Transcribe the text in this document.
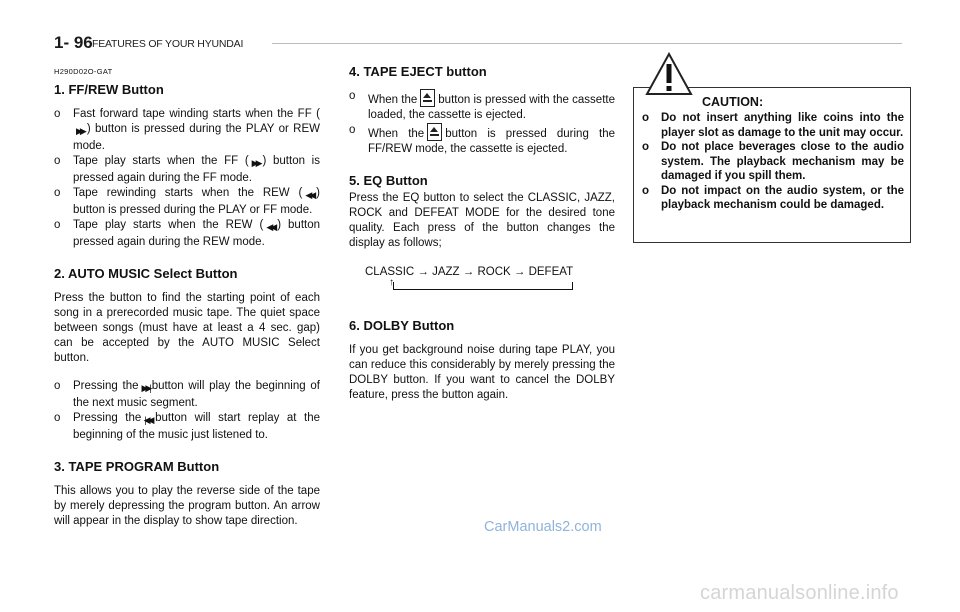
1- 96 FEATURES OF YOUR HYUNDAI
H290D02O-GAT
1. FF/REW Button

o Fast forward tape winding starts when the FF (▶▶ ) button is pressed during the PLAY or REW mode.

o Tape play starts when the FF ( ▶▶ ) button is pressed again during the FF mode.

o Tape rewinding starts when the REW ( ◀◀ ) button is pressed during the PLAY or FF mode.

o Tape play starts when the REW ( ◀◀ ) button pressed again during the REW mode.

2. AUTO MUSIC Select Button

Press the button to find the starting point of each song in a prerecorded music tape. The quiet space between songs (must have at least a 4 sec. gap) can be accepted by the AUTO MUSIC Select button.

o Pressing the ▶▶| button will play the beginning of the next music segment.

o Pressing the |◀◀ button will start replay at the beginning of the music just listened to.

3. TAPE PROGRAM Button

This allows you to play the reverse side of the tape by merely depressing the program button. An arrow will appear in the display to show tape direction.

4. TAPE EJECT button

o When the button is pressed with the cassette loaded, the cassette is ejected.

o When the button is pressed during the FF/REW mode, the cassette is ejected.

5. EQ Button

Press the EQ button to select the CLASSIC, JAZZ, ROCK and DEFEAT MODE for the desired tone quality. Each press of the button changes the display as follows;

CLASSIC → JAZZ → ROCK → DEFEAT
↑
6. DOLBY Button

If you get background noise during tape PLAY, you can reduce this considerably by merely pressing the DOLBY button. If you want to cancel the DOLBY feature, press the button again.

CAUTION:

o Do not insert anything like coins into the player slot as damage to the unit may occur.

o Do not place beverages close to the audio system. The playback mechanism may be damaged if you spill them.

o Do not impact on the audio system, or the playback mechanism could be damaged.

CarManuals2.com
carmanualsonline.info
